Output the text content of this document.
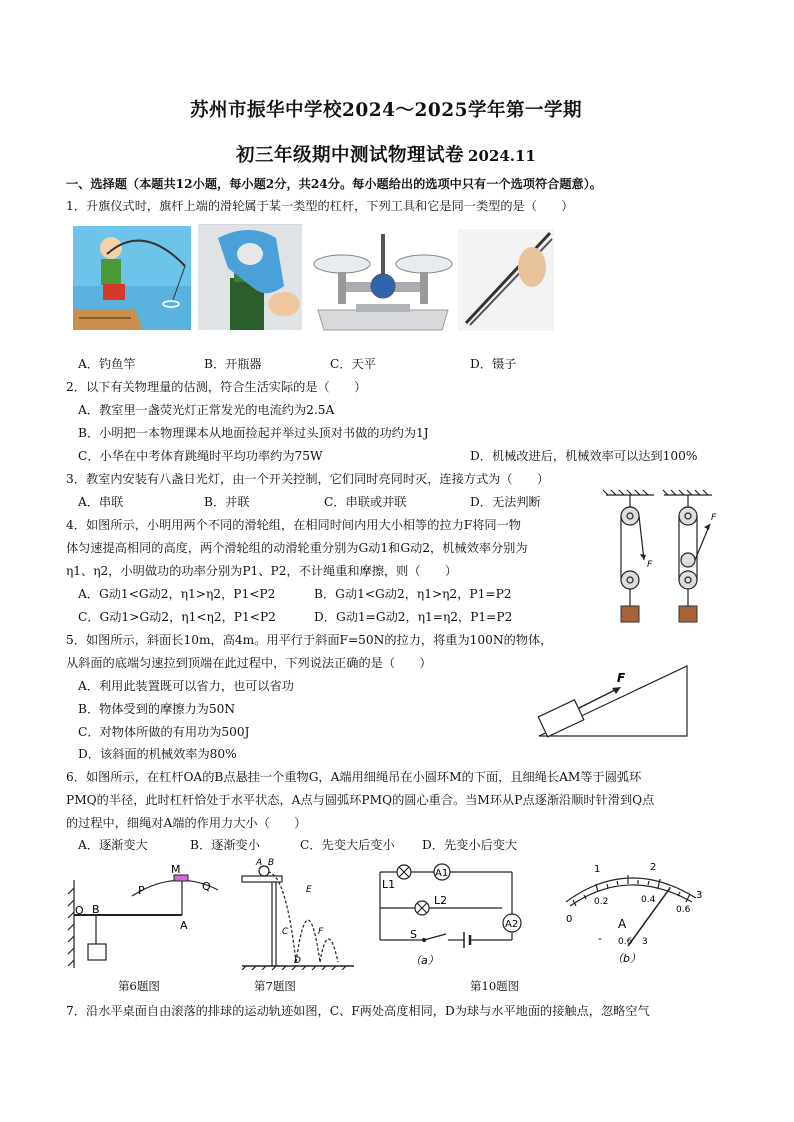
苏州市振华中学校2024～2025学年第一学期
初三年级期中测试物理试卷 2024.11
一、选择题（本题共12小题，每小题2分，共24分。每小题给出的选项中只有一个选项符合题意）。
1．升旗仪式时，旗杆上端的滑轮属于某一类型的杠杆，下列工具和它是同一类型的是（　　）
A．钓鱼竿	B．开瓶器	C．天平	D．镊子
2．以下有关物理量的估测，符合生活实际的是（　　）
A．教室里一盏荧光灯正常发光的电流约为2.5A
B．小明把一本物理课本从地面捡起并举过头顶对书做的功约为1J
C．小华在中考体育跳绳时平均功率约为75W	D．机械改进后，机械效率可以达到100%
3．教室内安装有八盏日光灯，由一个开关控制，它们同时亮同时灭，连接方式为（　　）
A．串联	B．并联	C．串联或并联	D．无法判断
F
F
4．如图所示，小明用两个不同的滑轮组，在相同时间内用大小相等的拉力F将同一物
体匀速提高相同的高度，两个滑轮组的动滑轮重分别为G动1和G动2，机械效率分别为
η1、η2，小明做功的功率分别为P1、P2，不计绳重和摩擦，则（　　）
A．G动1<G动2，η1>η2，P1<P2	B．G动1<G动2，η1>η2，P1=P2
C．G动1>G动2，η1<η2，P1<P2	D．G动1=G动2，η1=η2，P1=P2
5．如图所示，斜面长10m，高4m。用平行于斜面F=50N的拉力，将重为100N的物体，
从斜面的底端匀速拉到顶端在此过程中，下列说法正确的是（　　）
A．利用此装置既可以省力，也可以省功
B．物体受到的摩擦力为50N
C．对物体所做的有用功为500J
D．该斜面的机械效率为80%
F
6．如图所示，在杠杆OA的B点悬挂一个重物G，A端用细绳吊在小圆环M的下面，且细绳长AM等于圆弧环
PMQ的半径，此时杠杆恰处于水平状态，A点与圆弧环PMQ的圆心重合。当M环从P点逐渐沿顺时针滑到Q点
的过程中，细绳对A端的作用力大小（　　）
A．逐渐变大	B．逐渐变小	C．先变大后变小 D．先变小后变大
O B
P
M
Q
A
A B
C
D
E
F
L1
A1
L2
A2
S
（a）
0
1	2
3
0.2	0.4
0.6
A
- 0.6 3
（b）
第6题图	第7题图	第10题图
7．沿水平桌面自由滚落的排球的运动轨迹如图，C、F两处高度相同，D为球与水平地面的接触点，忽略空气
